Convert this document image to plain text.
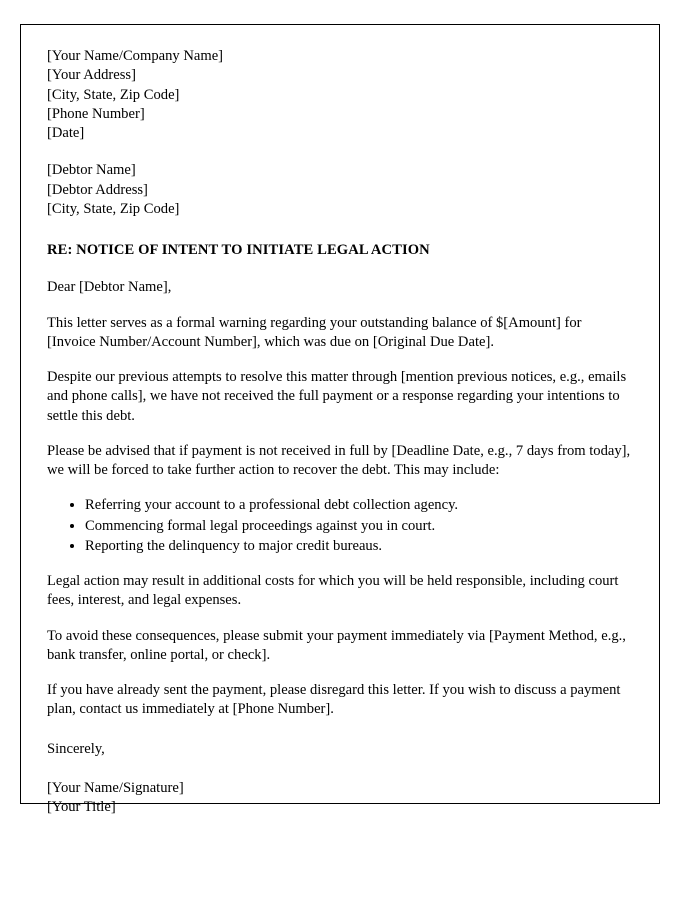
[Your Name/Company Name]
[Your Address]
[City, State, Zip Code]
[Phone Number]
[Date]
[Debtor Name]
[Debtor Address]
[City, State, Zip Code]
RE: NOTICE OF INTENT TO INITIATE LEGAL ACTION
Dear [Debtor Name],

This letter serves as a formal warning regarding your outstanding balance of $[Amount] for [Invoice Number/Account Number], which was due on [Original Due Date].

Despite our previous attempts to resolve this matter through [mention previous notices, e.g., emails and phone calls], we have not received the full payment or a response regarding your intentions to settle this debt.

Please be advised that if payment is not received in full by [Deadline Date, e.g., 7 days from today], we will be forced to take further action to recover the debt. This may include:

• Referring your account to a professional debt collection agency.
• Commencing formal legal proceedings against you in court.
• Reporting the delinquency to major credit bureaus.

Legal action may result in additional costs for which you will be held responsible, including court fees, interest, and legal expenses.

To avoid these consequences, please submit your payment immediately via [Payment Method, e.g., bank transfer, online portal, or check].

If you have already sent the payment, please disregard this letter. If you wish to discuss a payment plan, contact us immediately at [Phone Number].

Sincerely,
[Your Name/Signature]
[Your Title]
